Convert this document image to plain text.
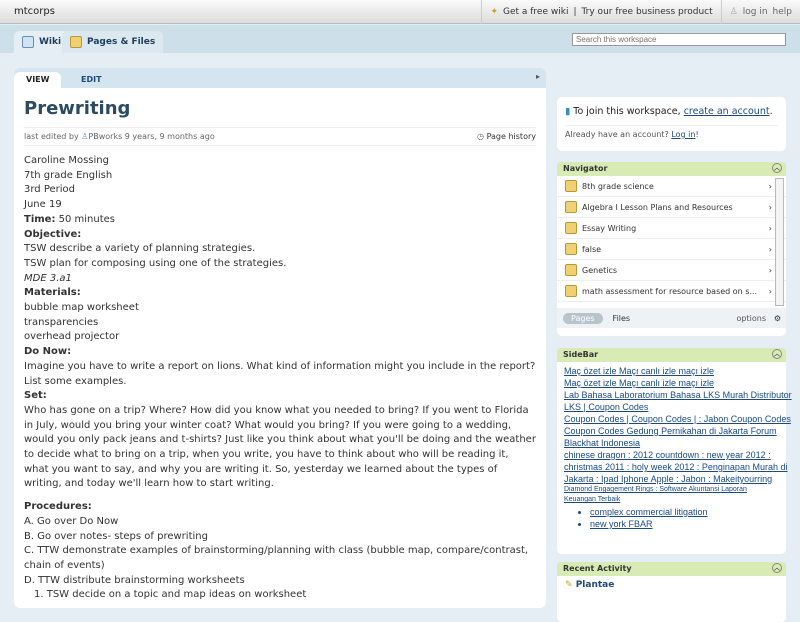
mtcorps	✦ Get a free wiki | Try our free business product ♙ log in help
Wiki	Pages & Files
Search this workspace
VIEW	EDIT	▸
Prewriting
last edited by ♙PBworks 9 years, 9 months ago	◷ Page history

Caroline Mossing

7th grade English

3rd Period

June 19

Time: 50 minutes

Objective:

TSW describe a variety of planning strategies.

TSW plan for composing using one of the strategies.

MDE 3.a1

Materials:

bubble map worksheet

transparencies

overhead projector

Do Now:

Imagine you have to write a report on lions. What kind of information might you include in the report? List some examples.

Set:

Who has gone on a trip? Where? How did you know what you needed to bring? If you went to Florida in July, would you bring your winter coat? What would you bring? If you were going to a wedding, would you only pack jeans and t-shirts? Just like you think about what you'll be doing and the weather to decide what to bring on a trip, when you write, you have to think about who will be reading it, what you want to say, and why you are writing it. So, yesterday we learned about the types of writing, and today we'll learn how to start writing.

Procedures:

A. Go over Do Now

B. Go over notes- steps of prewriting

C. TTW demonstrate examples of brainstorming/planning with class (bubble map, compare/contrast, chain of events)

D. TTW distribute brainstorming worksheets

1. TSW decide on a topic and map ideas on worksheet

▮ To join this workspace, create an account.
Already have an account? Log in!
Navigator	︿
8th grade science	›
Algebra I Lesson Plans and Resources	›
Essay Writing	›
false	›
Genetics	›
math assessment for resource based on s... ›
Pages	Files	options ⚙
SideBar	︿
Maç özet izle Maçı canlı izle maçı izle
Maç özet izle Maçı canlı izle maçı izle
Lab Bahasa Laboratorium Bahasa LKS Murah Distributor
LKS | Coupon Codes
Coupon Codes | Coupon Codes | : Jabon Coupon Codes
Coupon Codes Gedung Pernikahan di Jakarta Forum
Blackhat Indonesia
chinese dragon : 2012 countdown : new year 2012 :
christmas 2011 : holy week 2012 : Penginapan Murah di
Jakarta : Ipad Iphone Apple : Jabon : Makeityourring
Diamond Engagement Rings : Software Akuntansi Laporan Keuangan Terbaik
• complex commercial litigation
• new york FBAR
Recent Activity	︿
✎ Plantae
